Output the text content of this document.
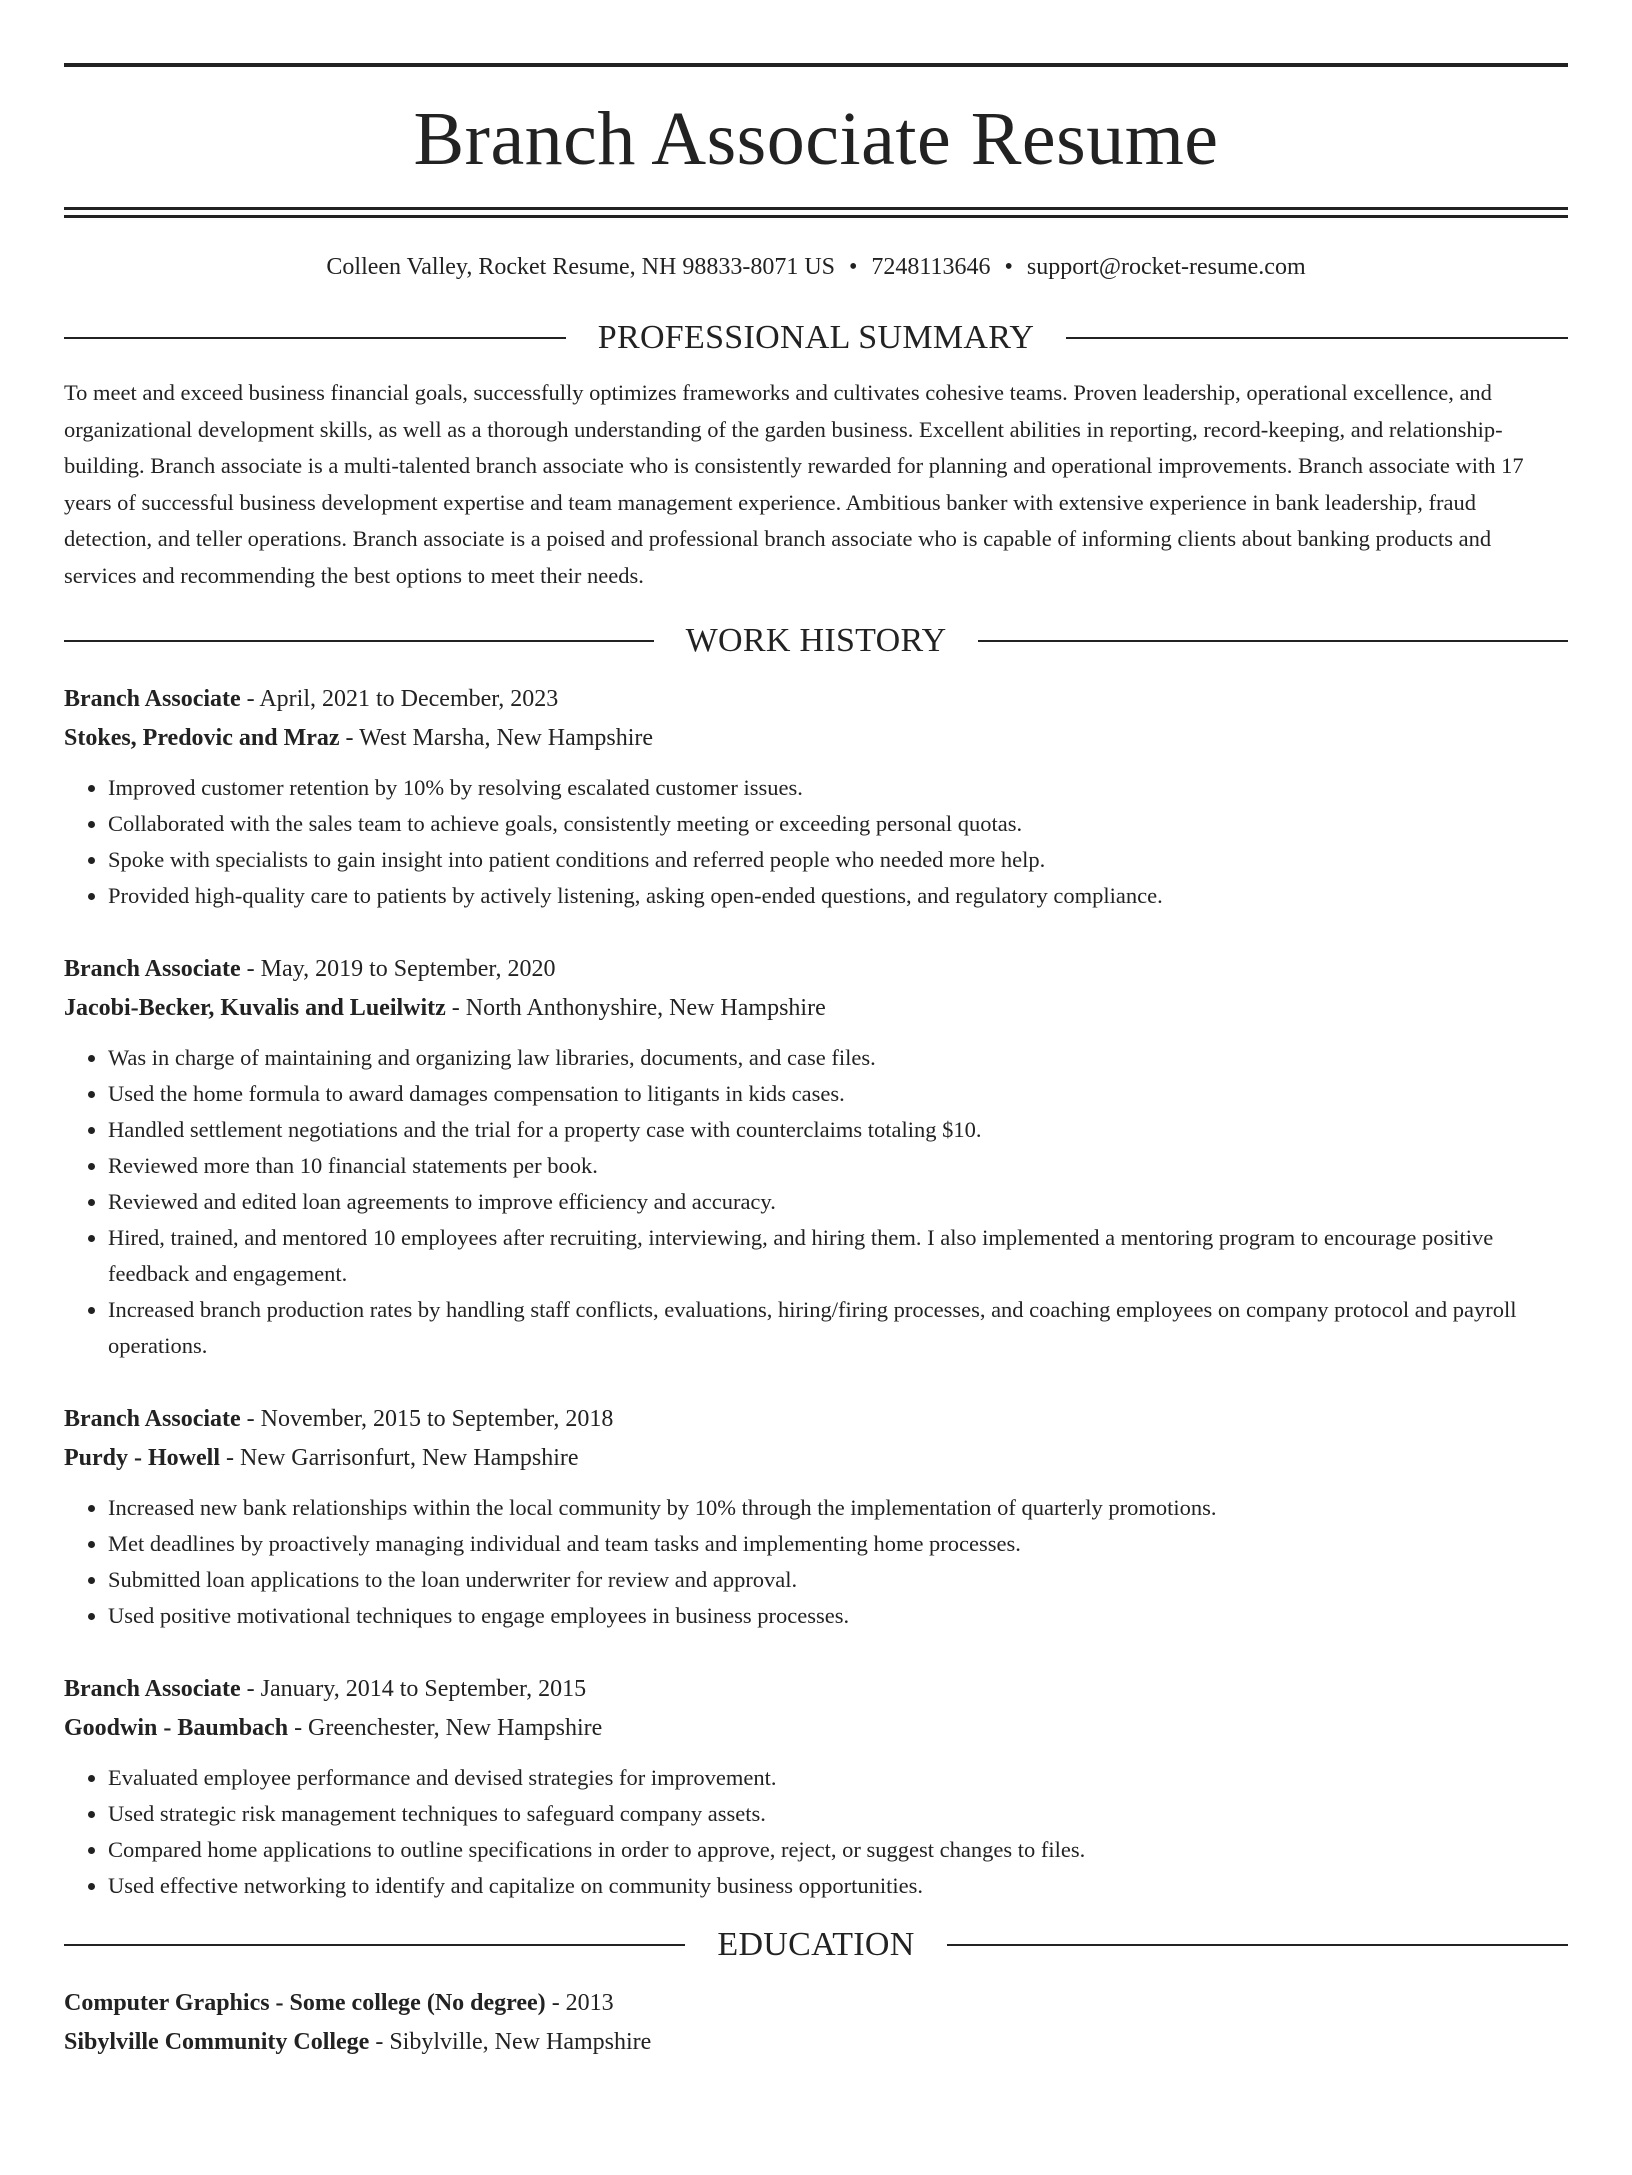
Branch Associate Resume
Colleen Valley, Rocket Resume, NH 98833-8071 US • 7248113646 • support@rocket-resume.com
PROFESSIONAL SUMMARY
To meet and exceed business financial goals, successfully optimizes frameworks and cultivates cohesive teams. Proven leadership, operational excellence, and organizational development skills, as well as a thorough understanding of the garden business. Excellent abilities in reporting, record-keeping, and relationship-building. Branch associate is a multi-talented branch associate who is consistently rewarded for planning and operational improvements. Branch associate with 17 years of successful business development expertise and team management experience. Ambitious banker with extensive experience in bank leadership, fraud detection, and teller operations. Branch associate is a poised and professional branch associate who is capable of informing clients about banking products and services and recommending the best options to meet their needs.
WORK HISTORY
Branch Associate - April, 2021 to December, 2023
Stokes, Predovic and Mraz - West Marsha, New Hampshire
• Improved customer retention by 10% by resolving escalated customer issues.
• Collaborated with the sales team to achieve goals, consistently meeting or exceeding personal quotas.
• Spoke with specialists to gain insight into patient conditions and referred people who needed more help.
• Provided high-quality care to patients by actively listening, asking open-ended questions, and regulatory compliance.
Branch Associate - May, 2019 to September, 2020
Jacobi-Becker, Kuvalis and Lueilwitz - North Anthonyshire, New Hampshire
• Was in charge of maintaining and organizing law libraries, documents, and case files.
• Used the home formula to award damages compensation to litigants in kids cases.
• Handled settlement negotiations and the trial for a property case with counterclaims totaling $10.
• Reviewed more than 10 financial statements per book.
• Reviewed and edited loan agreements to improve efficiency and accuracy.
• Hired, trained, and mentored 10 employees after recruiting, interviewing, and hiring them. I also implemented a mentoring program to encourage positive feedback and engagement.
• Increased branch production rates by handling staff conflicts, evaluations, hiring/firing processes, and coaching employees on company protocol and payroll operations.
Branch Associate - November, 2015 to September, 2018
Purdy - Howell - New Garrisonfurt, New Hampshire
• Increased new bank relationships within the local community by 10% through the implementation of quarterly promotions.
• Met deadlines by proactively managing individual and team tasks and implementing home processes.
• Submitted loan applications to the loan underwriter for review and approval.
• Used positive motivational techniques to engage employees in business processes.
Branch Associate - January, 2014 to September, 2015
Goodwin - Baumbach - Greenchester, New Hampshire
• Evaluated employee performance and devised strategies for improvement.
• Used strategic risk management techniques to safeguard company assets.
• Compared home applications to outline specifications in order to approve, reject, or suggest changes to files.
• Used effective networking to identify and capitalize on community business opportunities.
EDUCATION
Computer Graphics - Some college (No degree) - 2013
Sibylville Community College - Sibylville, New Hampshire
